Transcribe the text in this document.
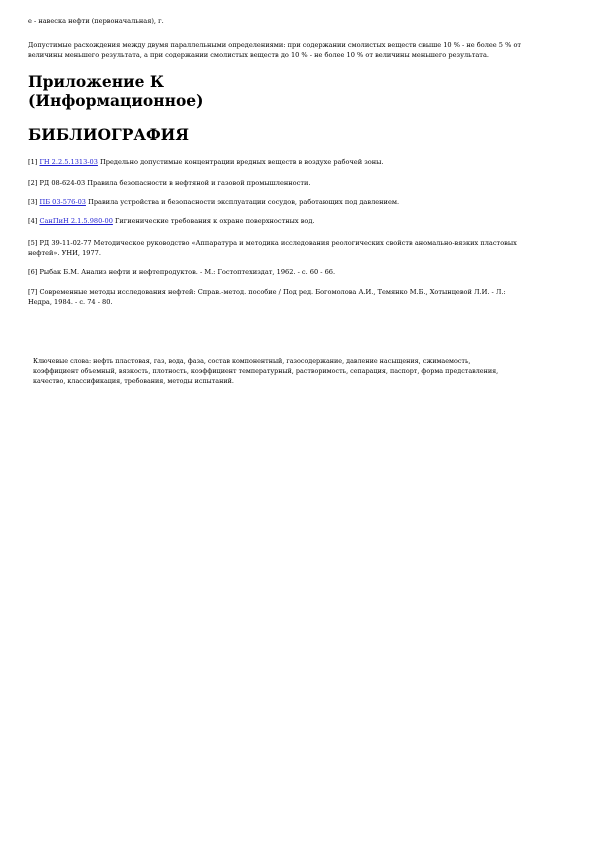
e - навеска нефти (первоначальная), г.
Допустимые расхождения между двумя параллельными определениями: при содержании смолистых веществ свыше 10 % - не более 5 % от
величины меньшего результата, а при содержании смолистых веществ до 10 % - не более 10 % от величины меньшего результата.
Приложение К
(Информационное)
БИБЛИОГРАФИЯ
[1] ГН 2.2.5.1313-03 Предельно допустимые концентрации вредных веществ в воздухе рабочей зоны.
[2] РД 08-624-03 Правила безопасности в нефтяной и газовой промышленности.
[3] ПБ 03-576-03 Правила устройства и безопасности эксплуатации сосудов, работающих под давлением.
[4] СанПиН 2.1.5.980-00 Гигиенические требования к охране поверхностных вод.
[5] РД 39-11-02-77 Методическое руководство «Аппаратура и методика исследования реологических свойств аномально-вязких пластовых
нефтей». УНИ, 1977.
[6] Рыбак Б.М. Анализ нефти и нефтепродуктов. - М.: Гостоптехиздат, 1962. - с. 60 - 66.
[7] Современные методы исследования нефтей: Справ.-метод. пособие / Под ред. Богомолова А.И., Темянко М.Б., Хотынцевой Л.И. - Л.:
Недра, 1984. - с. 74 - 80.
Ключевые слова: нефть пластовая, газ, вода, фаза, состав компонентный, газосодержание, давление насыщения, сжимаемость,
коэффициент объемный, вязкость, плотность, коэффициент температурный, растворимость, сепарация, паспорт, форма представления,
качество, классификация, требования, методы испытаний.
